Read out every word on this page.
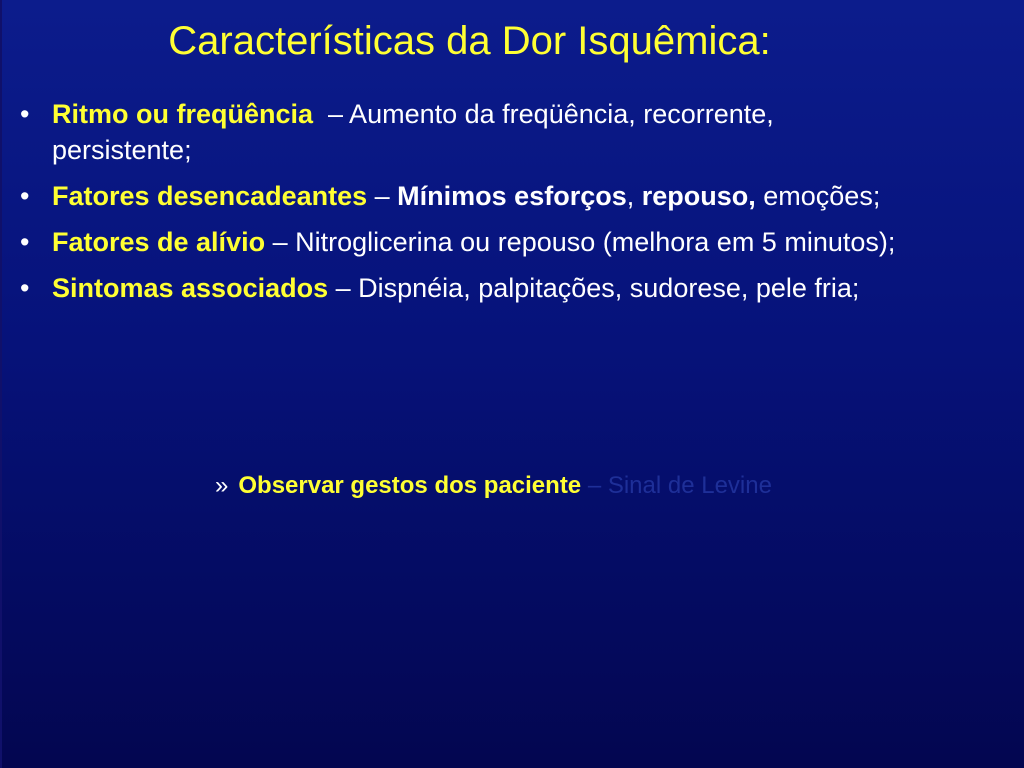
Características da Dor Isquêmica:
• Ritmo ou freqüência  – Aumento da freqüência, recorrente, persistente;
• Fatores desencadeantes – Mínimos esforços, repouso, emoções;
• Fatores de alívio – Nitroglicerina ou repouso (melhora em 5 minutos);
• Sintomas associados – Dispnéia, palpitações, sudorese, pele fria;
» Observar gestos dos paciente – Sinal de Levine
